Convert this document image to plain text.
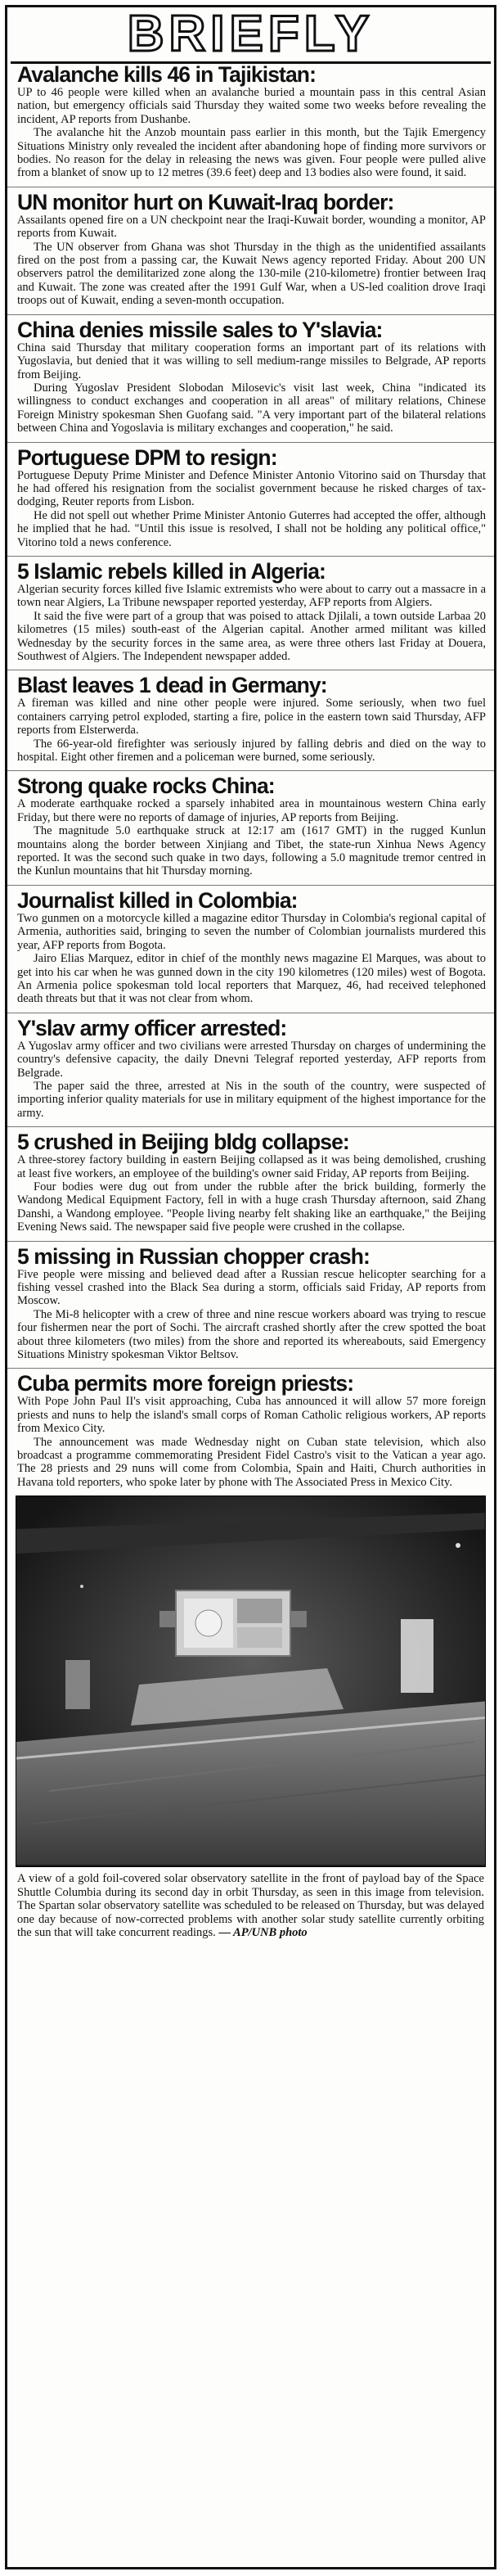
BRIEFLY
Avalanche kills 46 in Tajikistan:

UP to 46 people were killed when an avalanche buried a mountain pass in this central Asian nation, but emergency officials said Thursday they waited some two weeks before revealing the incident, AP reports from Dushanbe.

The avalanche hit the Anzob mountain pass earlier in this month, but the Tajik Emergency Situations Ministry only revealed the incident after abandoning hope of finding more survivors or bodies. No reason for the delay in releasing the news was given. Four people were pulled alive from a blanket of snow up to 12 metres (39.6 feet) deep and 13 bodies also were found, it said.

UN monitor hurt on Kuwait-Iraq border:

Assailants opened fire on a UN checkpoint near the Iraqi-Kuwait border, wounding a monitor, AP reports from Kuwait.

The UN observer from Ghana was shot Thursday in the thigh as the unidentified assailants fired on the post from a passing car, the Kuwait News agency reported Friday. About 200 UN observers patrol the demilitarized zone along the 130-mile (210-kilometre) frontier between Iraq and Kuwait. The zone was created after the 1991 Gulf War, when a US-led coalition drove Iraqi troops out of Kuwait, ending a seven-month occupation.

China denies missile sales to Y'slavia:

China said Thursday that military cooperation forms an important part of its relations with Yugoslavia, but denied that it was willing to sell medium-range missiles to Belgrade, AP reports from Beijing.

During Yugoslav President Slobodan Milosevic's visit last week, China "indicated its willingness to conduct exchanges and cooperation in all areas" of military relations, Chinese Foreign Ministry spokesman Shen Guofang said. "A very important part of the bilateral relations between China and Yogoslavia is military exchanges and cooperation," he said.

Portuguese DPM to resign:

Portuguese Deputy Prime Minister and Defence Minister Antonio Vitorino said on Thursday that he had offered his resignation from the socialist government because he risked charges of tax-dodging, Reuter reports from Lisbon.

He did not spell out whether Prime Minister Antonio Guterres had accepted the offer, although he implied that he had. "Until this issue is resolved, I shall not be holding any political office," Vitorino told a news conference.

5 Islamic rebels killed in Algeria:

Algerian security forces killed five Islamic extremists who were about to carry out a massacre in a town near Algiers, La Tribune newspaper reported yesterday, AFP reports from Algiers.

It said the five were part of a group that was poised to attack Djilali, a town outside Larbaa 20 kilometres (15 miles) south-east of the Algerian capital. Another armed militant was killed Wednesday by the security forces in the same area, as were three others last Friday at Douera, Southwest of Algiers. The Independent newspaper added.

Blast leaves 1 dead in Germany:

A fireman was killed and nine other people were injured. Some seriously, when two fuel containers carrying petrol exploded, starting a fire, police in the eastern town said Thursday, AFP reports from Elsterwerda.

The 66-year-old firefighter was seriously injured by falling debris and died on the way to hospital. Eight other firemen and a policeman were burned, some seriously.

Strong quake rocks China:

A moderate earthquake rocked a sparsely inhabited area in mountainous western China early Friday, but there were no reports of damage of injuries, AP reports from Beijing.

The magnitude 5.0 earthquake struck at 12:17 am (1617 GMT) in the rugged Kunlun mountains along the border between Xinjiang and Tibet, the state-run Xinhua News Agency reported. It was the second such quake in two days, following a 5.0 magnitude tremor centred in the Kunlun mountains that hit Thursday morning.

Journalist killed in Colombia:

Two gunmen on a motorcycle killed a magazine editor Thursday in Colombia's regional capital of Armenia, authorities said, bringing to seven the number of Colombian journalists murdered this year, AFP reports from Bogota.

Jairo Elias Marquez, editor in chief of the monthly news magazine El Marques, was about to get into his car when he was gunned down in the city 190 kilometres (120 miles) west of Bogota. An Armenia police spokesman told local reporters that Marquez, 46, had received telephoned death threats but that it was not clear from whom.

Y'slav army officer arrested:

A Yugoslav army officer and two civilians were arrested Thursday on charges of undermining the country's defensive capacity, the daily Dnevni Telegraf reported yesterday, AFP reports from Belgrade.

The paper said the three, arrested at Nis in the south of the country, were suspected of importing inferior quality materials for use in military equipment of the highest importance for the army.

5 crushed in Beijing bldg collapse:

A three-storey factory building in eastern Beijing collapsed as it was being demolished, crushing at least five workers, an employee of the building's owner said Friday, AP reports from Beijing.

Four bodies were dug out from under the rubble after the brick building, formerly the Wandong Medical Equipment Factory, fell in with a huge crash Thursday afternoon, said Zhang Danshi, a Wandong employee. "People living nearby felt shaking like an earthquake," the Beijing Evening News said. The newspaper said five people were crushed in the collapse.

5 missing in Russian chopper crash:

Five people were missing and believed dead after a Russian rescue helicopter searching for a fishing vessel crashed into the Black Sea during a storm, officials said Friday, AP reports from Moscow.

The Mi-8 helicopter with a crew of three and nine rescue workers aboard was trying to rescue four fishermen near the port of Sochi. The aircraft crashed shortly after the crew spotted the boat about three kilometers (two miles) from the shore and reported its whereabouts, said Emergency Situations Ministry spokesman Viktor Beltsov.

Cuba permits more foreign priests:

With Pope John Paul II's visit approaching, Cuba has announced it will allow 57 more foreign priests and nuns to help the island's small corps of Roman Catholic religious workers, AP reports from Mexico City.

The announcement was made Wednesday night on Cuban state television, which also broadcast a programme commemorating President Fidel Castro's visit to the Vatican a year ago. The 28 priests and 29 nuns will come from Colombia, Spain and Haiti, Church authorities in Havana told reporters, who spoke later by phone with The Associated Press in Mexico City.

A view of a gold foil-covered solar observatory satellite in the front of payload bay of the Space Shuttle Columbia during its second day in orbit Thursday, as seen in this image from television. The Spartan solar observatory satellite was scheduled to be released on Thursday, but was delayed one day because of now-corrected problems with another solar study satellite currently orbiting the sun that will take concurrent readings. — AP/UNB photo
